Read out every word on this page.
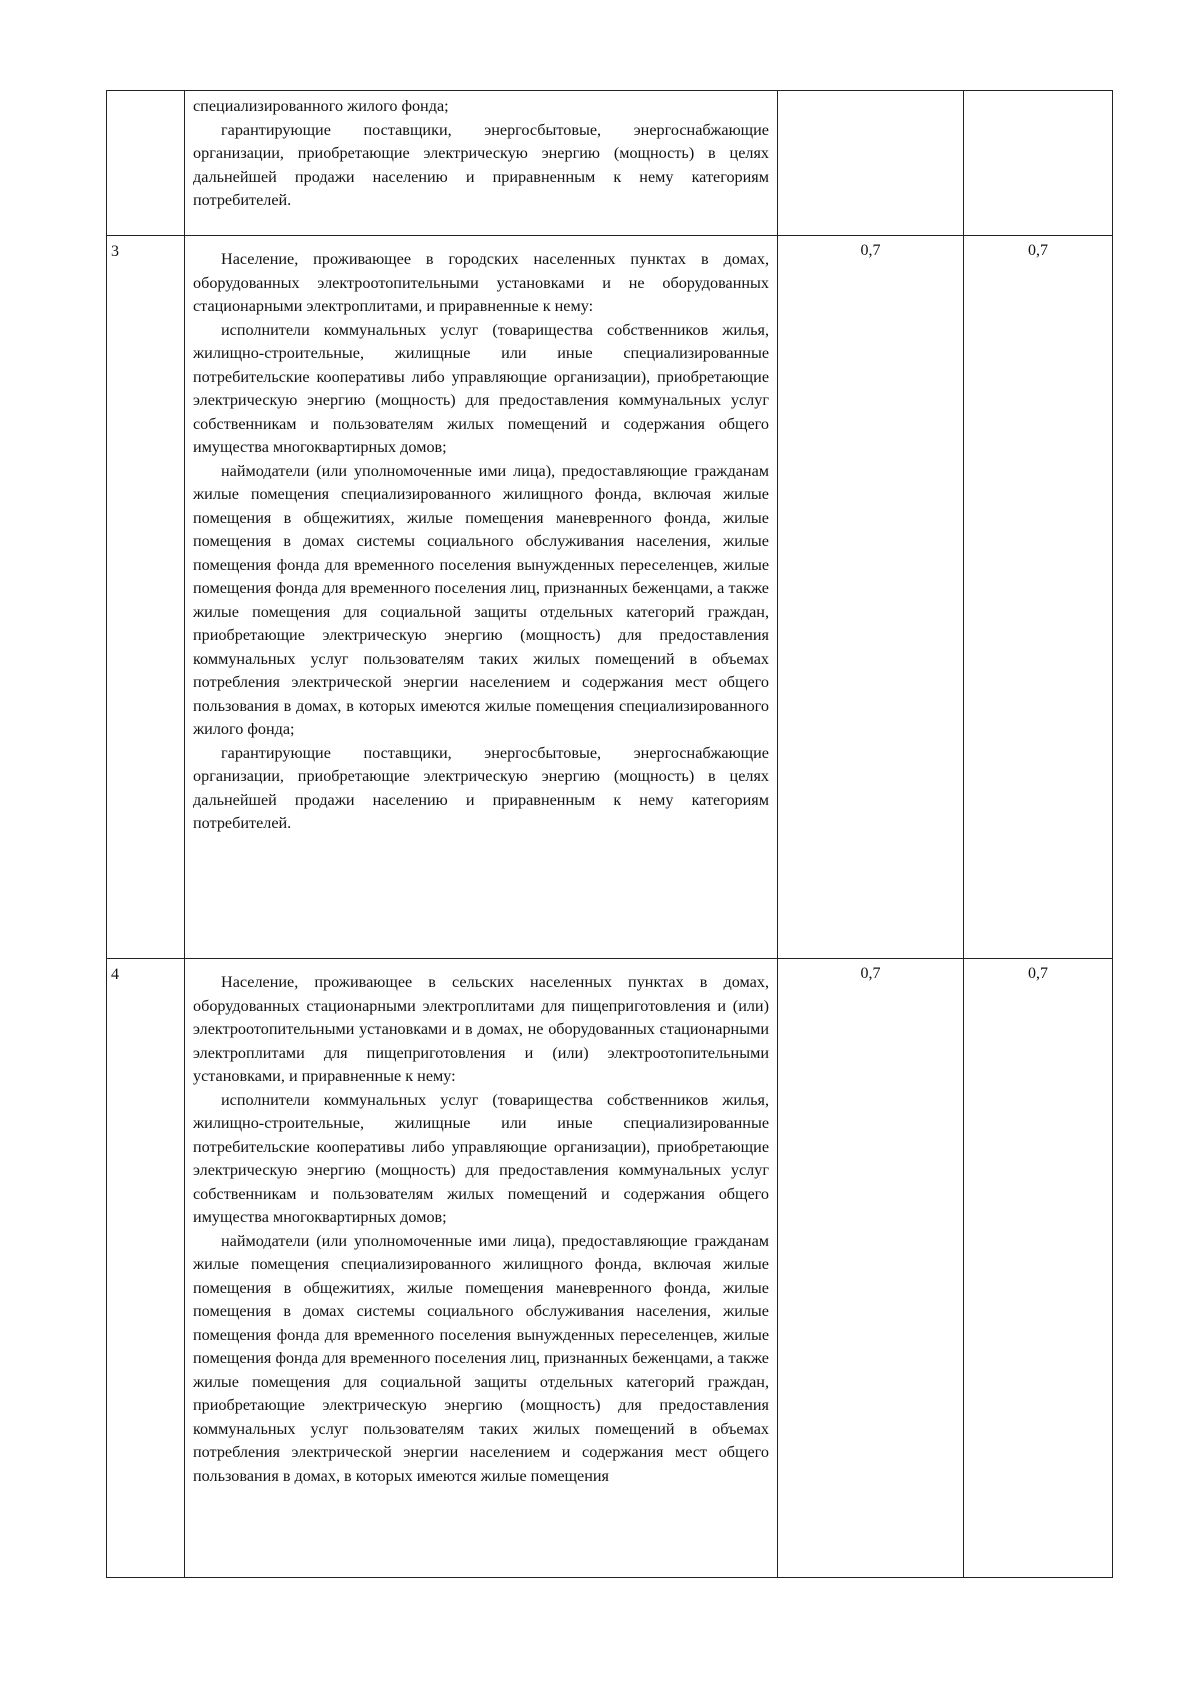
	специализированного жилого фонда;

гарантирующие поставщики, энергосбытовые, энергоснабжающие организации, приобретающие электрическую энергию (мощность) в целях дальнейшей продажи населению и приравненным к нему категориям потребителей.		

3	Население, проживающее в городских населенных пунктах в домах, оборудованных электроотопительными установками и не оборудованных стационарными электроплитами, и приравненные к нему:

исполнители коммунальных услуг (товарищества собственников жилья, жилищно-строительные, жилищные или иные специализированные потребительские кооперативы либо управляющие организации), приобретающие электрическую энергию (мощность) для предоставления коммунальных услуг собственникам и пользователям жилых помещений и содержания общего имущества многоквартирных домов;

наймодатели (или уполномоченные ими лица), предоставляющие гражданам жилые помещения специализированного жилищного фонда, включая жилые помещения в общежитиях, жилые помещения маневренного фонда, жилые помещения в домах системы социального обслуживания населения, жилые помещения фонда для временного поселения вынужденных переселенцев, жилые помещения фонда для временного поселения лиц, признанных беженцами, а также жилые помещения для социальной защиты отдельных категорий граждан, приобретающие электрическую энергию (мощность) для предоставления коммунальных услуг пользователям таких жилых помещений в объемах потребления электрической энергии населением и содержания мест общего пользования в домах, в которых имеются жилые помещения специализированного жилого фонда;

гарантирующие поставщики, энергосбытовые, энергоснабжающие организации, приобретающие электрическую энергию (мощность) в целях дальнейшей продажи населению и приравненным к нему категориям потребителей.	0,7	0,7
4	Население, проживающее в сельских населенных пунктах в домах, оборудованных стационарными электроплитами для пищеприготовления и (или) электроотопительными установками и в домах, не оборудованных стационарными электроплитами для пищеприготовления и (или) электроотопительными установками, и приравненные к нему:

исполнители коммунальных услуг (товарищества собственников жилья, жилищно-строительные, жилищные или иные специализированные потребительские кооперативы либо управляющие организации), приобретающие электрическую энергию (мощность) для предоставления коммунальных услуг собственникам и пользователям жилых помещений и содержания общего имущества многоквартирных домов;

наймодатели (или уполномоченные ими лица), предоставляющие гражданам жилые помещения специализированного жилищного фонда, включая жилые помещения в общежитиях, жилые помещения маневренного фонда, жилые помещения в домах системы социального обслуживания населения, жилые помещения фонда для временного поселения вынужденных переселенцев, жилые помещения фонда для временного поселения лиц, признанных беженцами, а также жилые помещения для социальной защиты отдельных категорий граждан, приобретающие электрическую энергию (мощность) для предоставления коммунальных услуг пользователям таких жилых помещений в объемах потребления электрической энергии населением и содержания мест общего пользования в домах, в которых имеются жилые помещения	0,7	0,7
